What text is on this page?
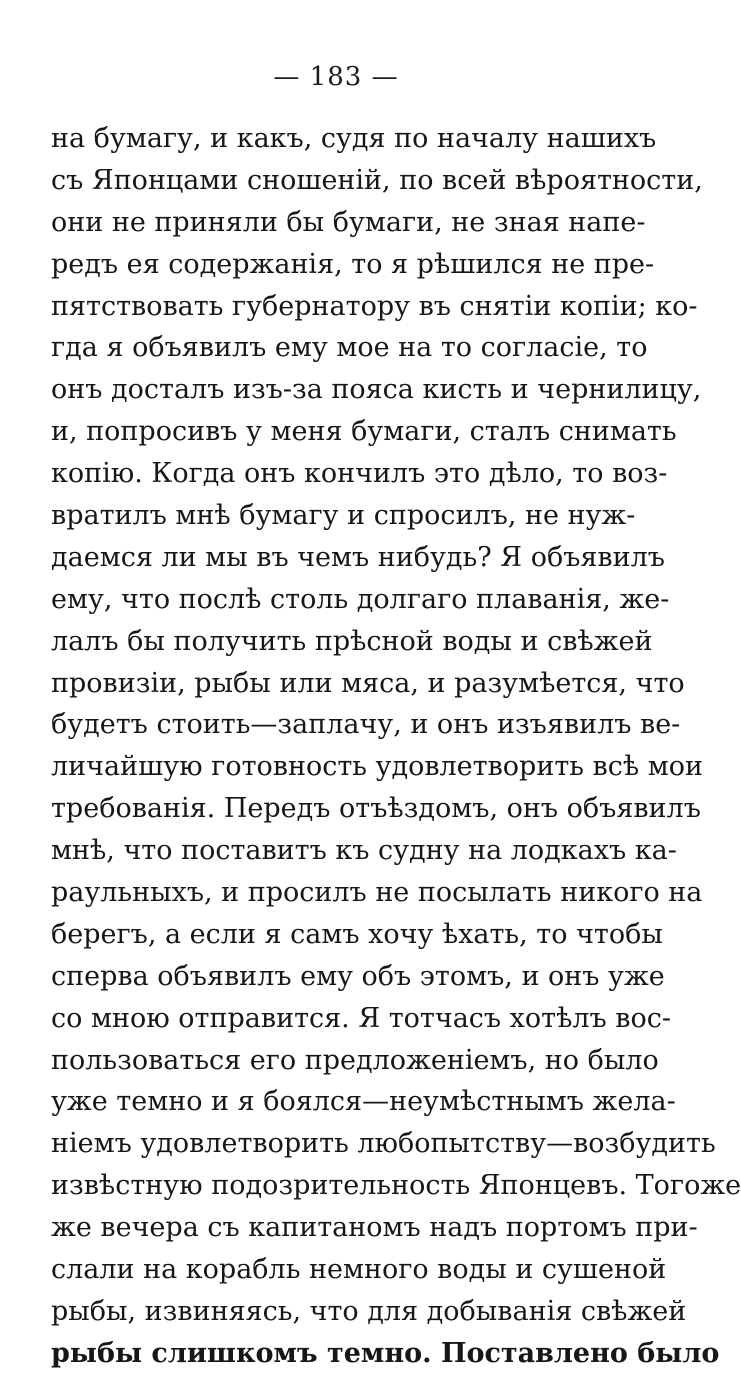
— 183 —
на бумагу, и какъ, судя по началу нашихъ
съ Японцами сношеній, по всей вѣроятности,
они не приняли бы бумаги, не зная напе-
редъ ея содержанія, то я рѣшился не пре-
пятствовать губернатору въ снятіи копіи; ко-
гда я объявилъ ему мое на то согласіе, то
онъ досталъ изъ-за пояса кисть и чернилицу,
и, попросивъ у меня бумаги, сталъ снимать
копію. Когда онъ кончилъ это дѣло, то воз-
вратилъ мнѣ бумагу и спросилъ, не нуж-
даемся ли мы въ чемъ нибудь? Я объявилъ
ему, что послѣ столь долгаго плаванія, же-
лалъ бы получить прѣсной воды и свѣжей
провизіи, рыбы или мяса, и разумѣется, что
будетъ стоить—заплачу, и онъ изъявилъ ве-
личайшую готовность удовлетворить всѣ мои
требованія. Передъ отъѣздомъ, онъ объявилъ
мнѣ, что поставитъ къ судну на лодкахъ ка-
раульныхъ, и просилъ не посылать никого на
берегъ, а если я самъ хочу ѣхать, то чтобы
сперва объявилъ ему объ этомъ, и онъ уже
со мною отправится. Я тотчасъ хотѣлъ вос-
пользоваться его предложеніемъ, но было
уже темно и я боялся—неумѣстнымъ жела-
ніемъ удовлетворить любопытству—возбудить
извѣстную подозрительность Японцевъ. Тогоже
же вечера съ капитаномъ надъ портомъ при-
слали на корабль немного воды и сушеной
рыбы, извиняясь, что для добыванія свѣжей
рыбы слишкомъ темно. Поставлено было
